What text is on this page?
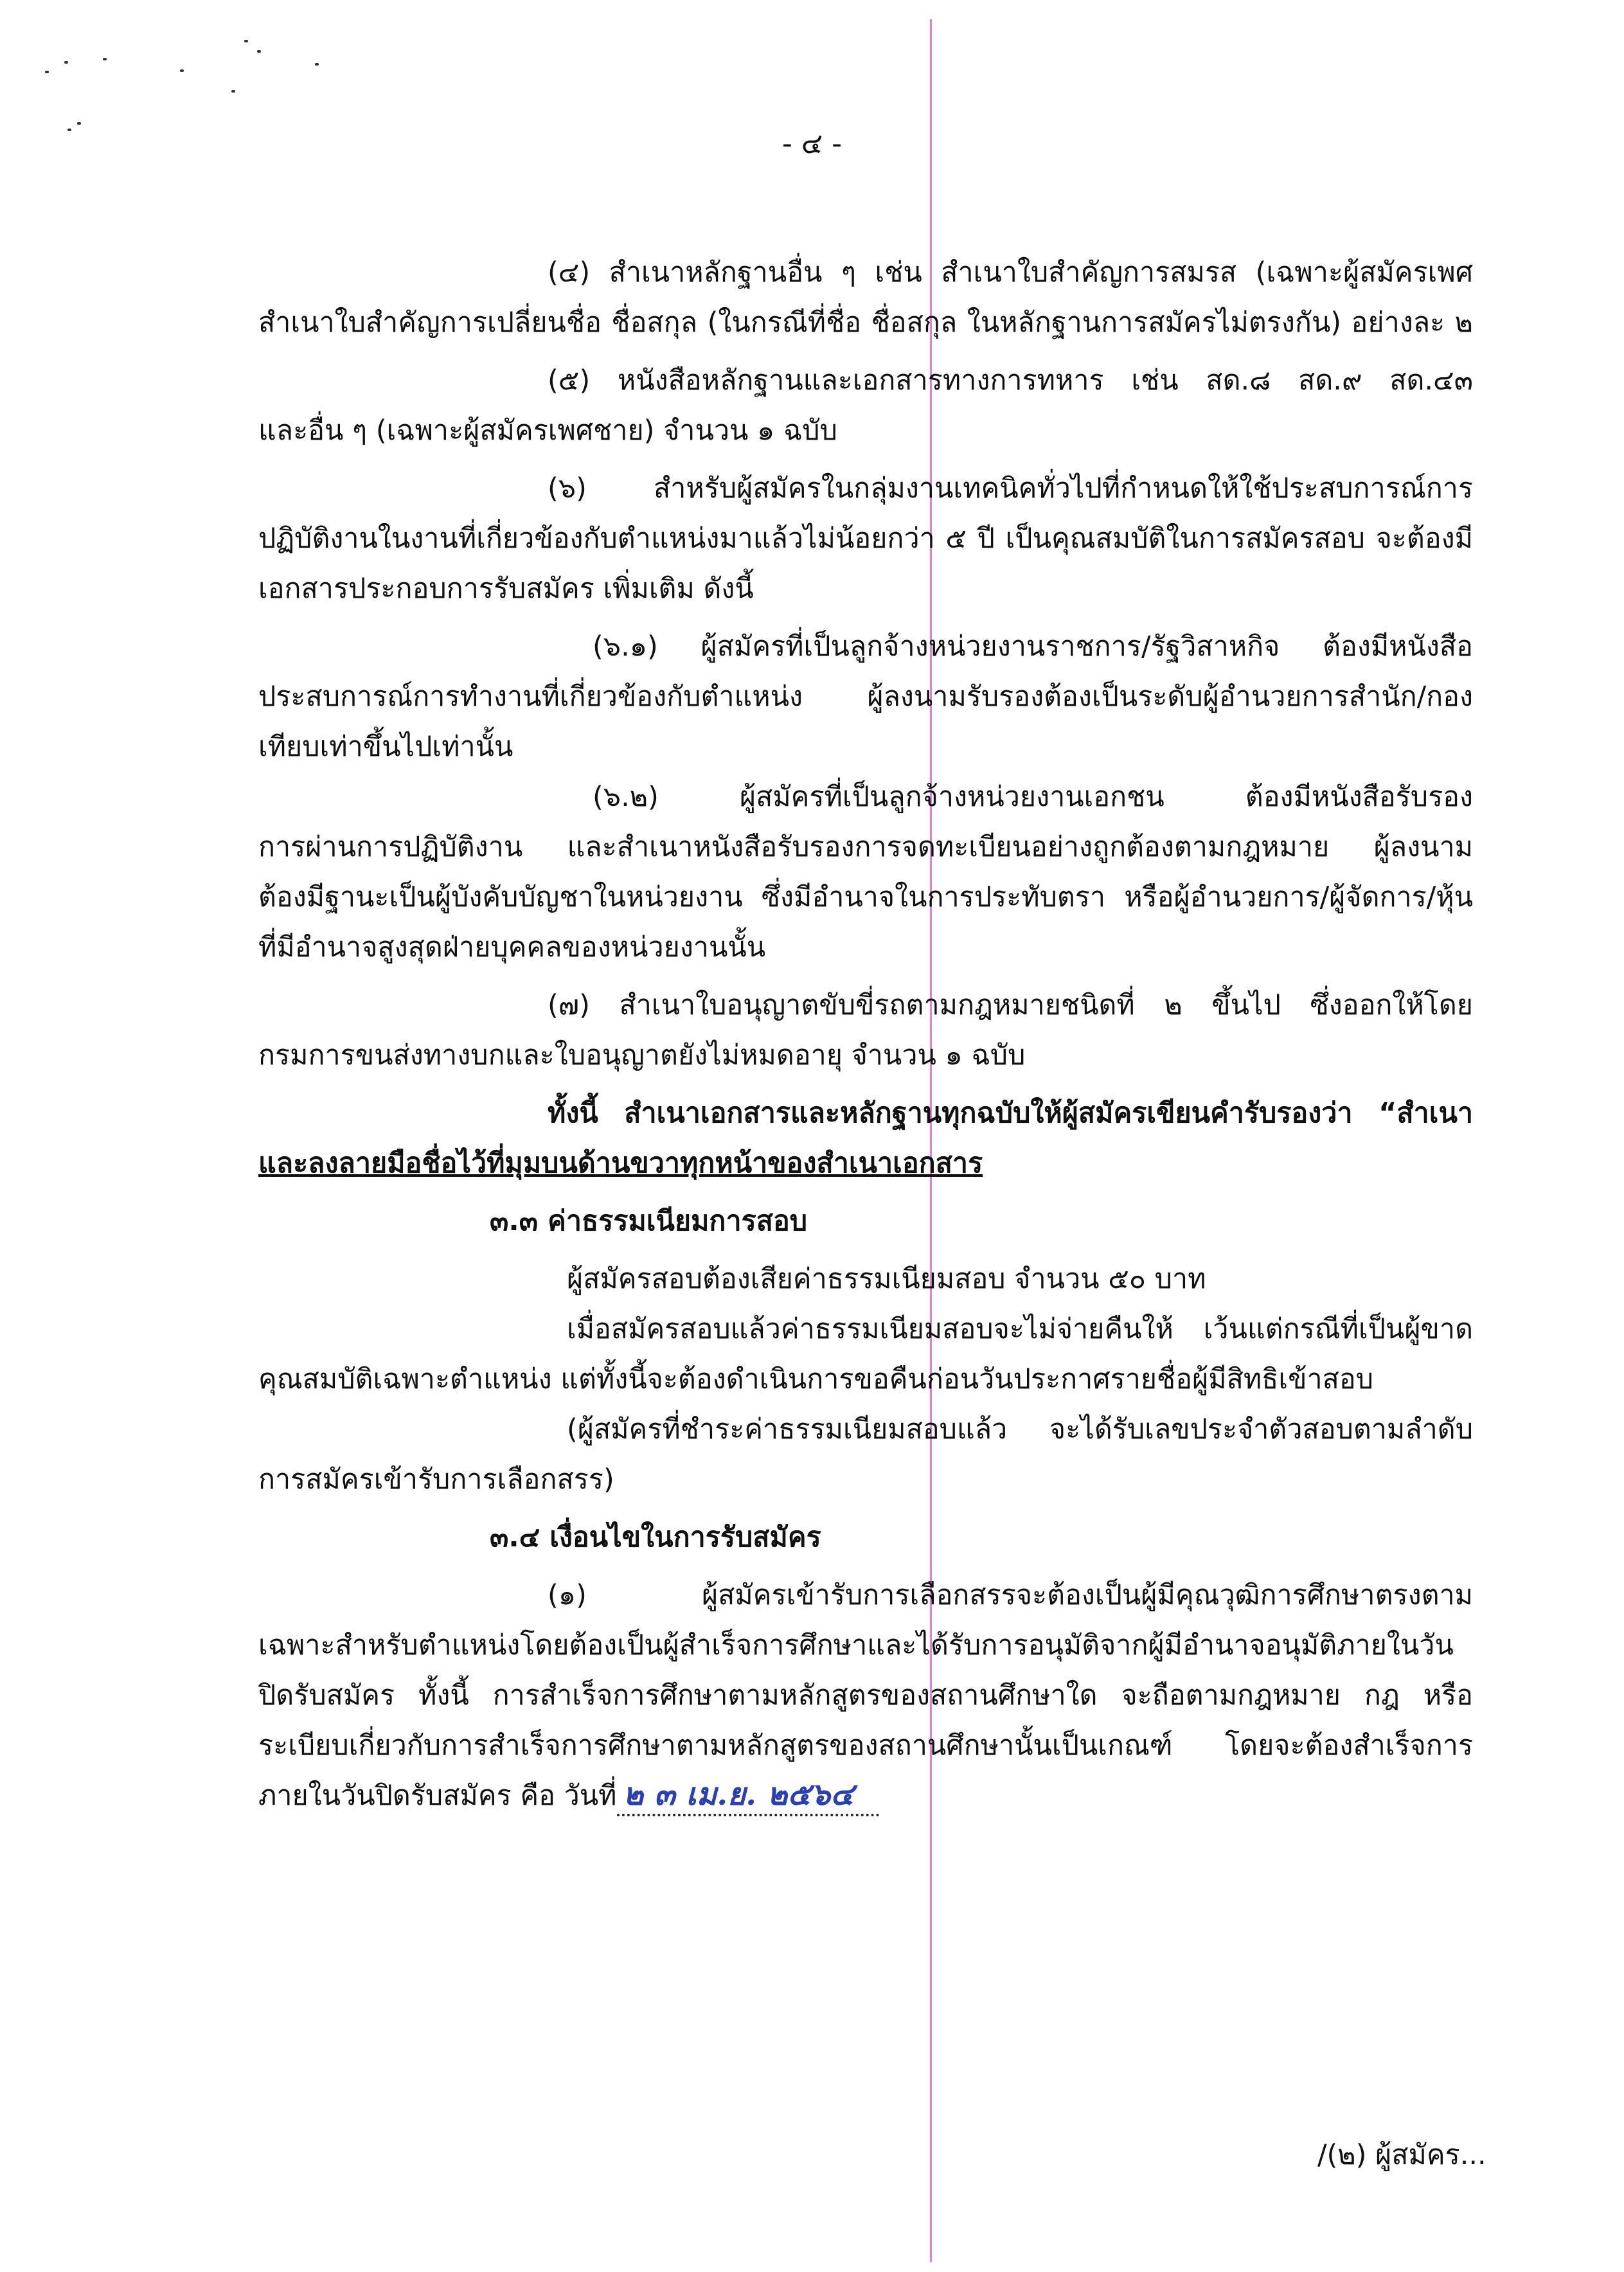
- ๔ -
(๔) สำเนาหลักฐานอื่น ๆ เช่น สำเนาใบสำคัญการสมรส (เฉพาะผู้สมัครเพศ
สำเนาใบสำคัญการเปลี่ยนชื่อ ชื่อสกุล (ในกรณีที่ชื่อ ชื่อสกุล ในหลักฐานการสมัครไม่ตรงกัน) อย่างละ ๒
(๕) หนังสือหลักฐานและเอกสารทางการทหาร เช่น สด.๘ สด.๙ สด.๔๓
และอื่น ๆ (เฉพาะผู้สมัครเพศชาย) จำนวน ๑ ฉบับ
(๖) สำหรับผู้สมัครในกลุ่มงานเทคนิคทั่วไปที่กำหนดให้ใช้ประสบการณ์การ
ปฏิบัติงานในงานที่เกี่ยวข้องกับตำแหน่งมาแล้วไม่น้อยกว่า ๕ ปี เป็นคุณสมบัติในการสมัครสอบ จะต้องมี
เอกสารประกอบการรับสมัคร เพิ่มเติม ดังนี้
(๖.๑) ผู้สมัครที่เป็นลูกจ้างหน่วยงานราชการ/รัฐวิสาหกิจ ต้องมีหนังสือ
ประสบการณ์การทำงานที่เกี่ยวข้องกับตำแหน่ง ผู้ลงนามรับรองต้องเป็นระดับผู้อำนวยการสำนัก/กอง
เทียบเท่าขึ้นไปเท่านั้น
(๖.๒) ผู้สมัครที่เป็นลูกจ้างหน่วยงานเอกชน ต้องมีหนังสือรับรอง
การผ่านการปฏิบัติงาน และสำเนาหนังสือรับรองการจดทะเบียนอย่างถูกต้องตามกฎหมาย ผู้ลงนาม
ต้องมีฐานะเป็นผู้บังคับบัญชาในหน่วยงาน ซึ่งมีอำนาจในการประทับตรา หรือผู้อำนวยการ/ผู้จัดการ/หุ้น
ที่มีอำนาจสูงสุดฝ่ายบุคคลของหน่วยงานนั้น
(๗) สำเนาใบอนุญาตขับขี่รถตามกฎหมายชนิดที่ ๒ ขึ้นไป ซึ่งออกให้โดย
กรมการขนส่งทางบกและใบอนุญาตยังไม่หมดอายุ จำนวน ๑ ฉบับ
ทั้งนี้ สำเนาเอกสารและหลักฐานทุกฉบับให้ผู้สมัครเขียนคำรับรองว่า “สำเนา
และลงลายมือชื่อไว้ที่มุมบนด้านขวาทุกหน้าของสำเนาเอกสาร
๓.๓ ค่าธรรมเนียมการสอบ
ผู้สมัครสอบต้องเสียค่าธรรมเนียมสอบ จำนวน ๕๐ บาท
เมื่อสมัครสอบแล้วค่าธรรมเนียมสอบจะไม่จ่ายคืนให้ เว้นแต่กรณีที่เป็นผู้ขาด
คุณสมบัติเฉพาะตำแหน่ง แต่ทั้งนี้จะต้องดำเนินการขอคืนก่อนวันประกาศรายชื่อผู้มีสิทธิเข้าสอบ
(ผู้สมัครที่ชำระค่าธรรมเนียมสอบแล้ว จะได้รับเลขประจำตัวสอบตามลำดับ
การสมัครเข้ารับการเลือกสรร)
๓.๔ เงื่อนไขในการรับสมัคร
(๑) ผู้สมัครเข้ารับการเลือกสรรจะต้องเป็นผู้มีคุณวุฒิการศึกษาตรงตาม
เฉพาะสำหรับตำแหน่งโดยต้องเป็นผู้สำเร็จการศึกษาและได้รับการอนุมัติจากผู้มีอำนาจอนุมัติภายในวัน
ปิดรับสมัคร ทั้งนี้ การสำเร็จการศึกษาตามหลักสูตรของสถานศึกษาใด จะถือตามกฎหมาย กฎ หรือ
ระเบียบเกี่ยวกับการสำเร็จการศึกษาตามหลักสูตรของสถานศึกษานั้นเป็นเกณฑ์ โดยจะต้องสำเร็จการ
ภายในวันปิดรับสมัคร คือ วันที่ ๒ ๓ เม.ย. ๒๕๖๔
/(๒) ผู้สมัคร...
